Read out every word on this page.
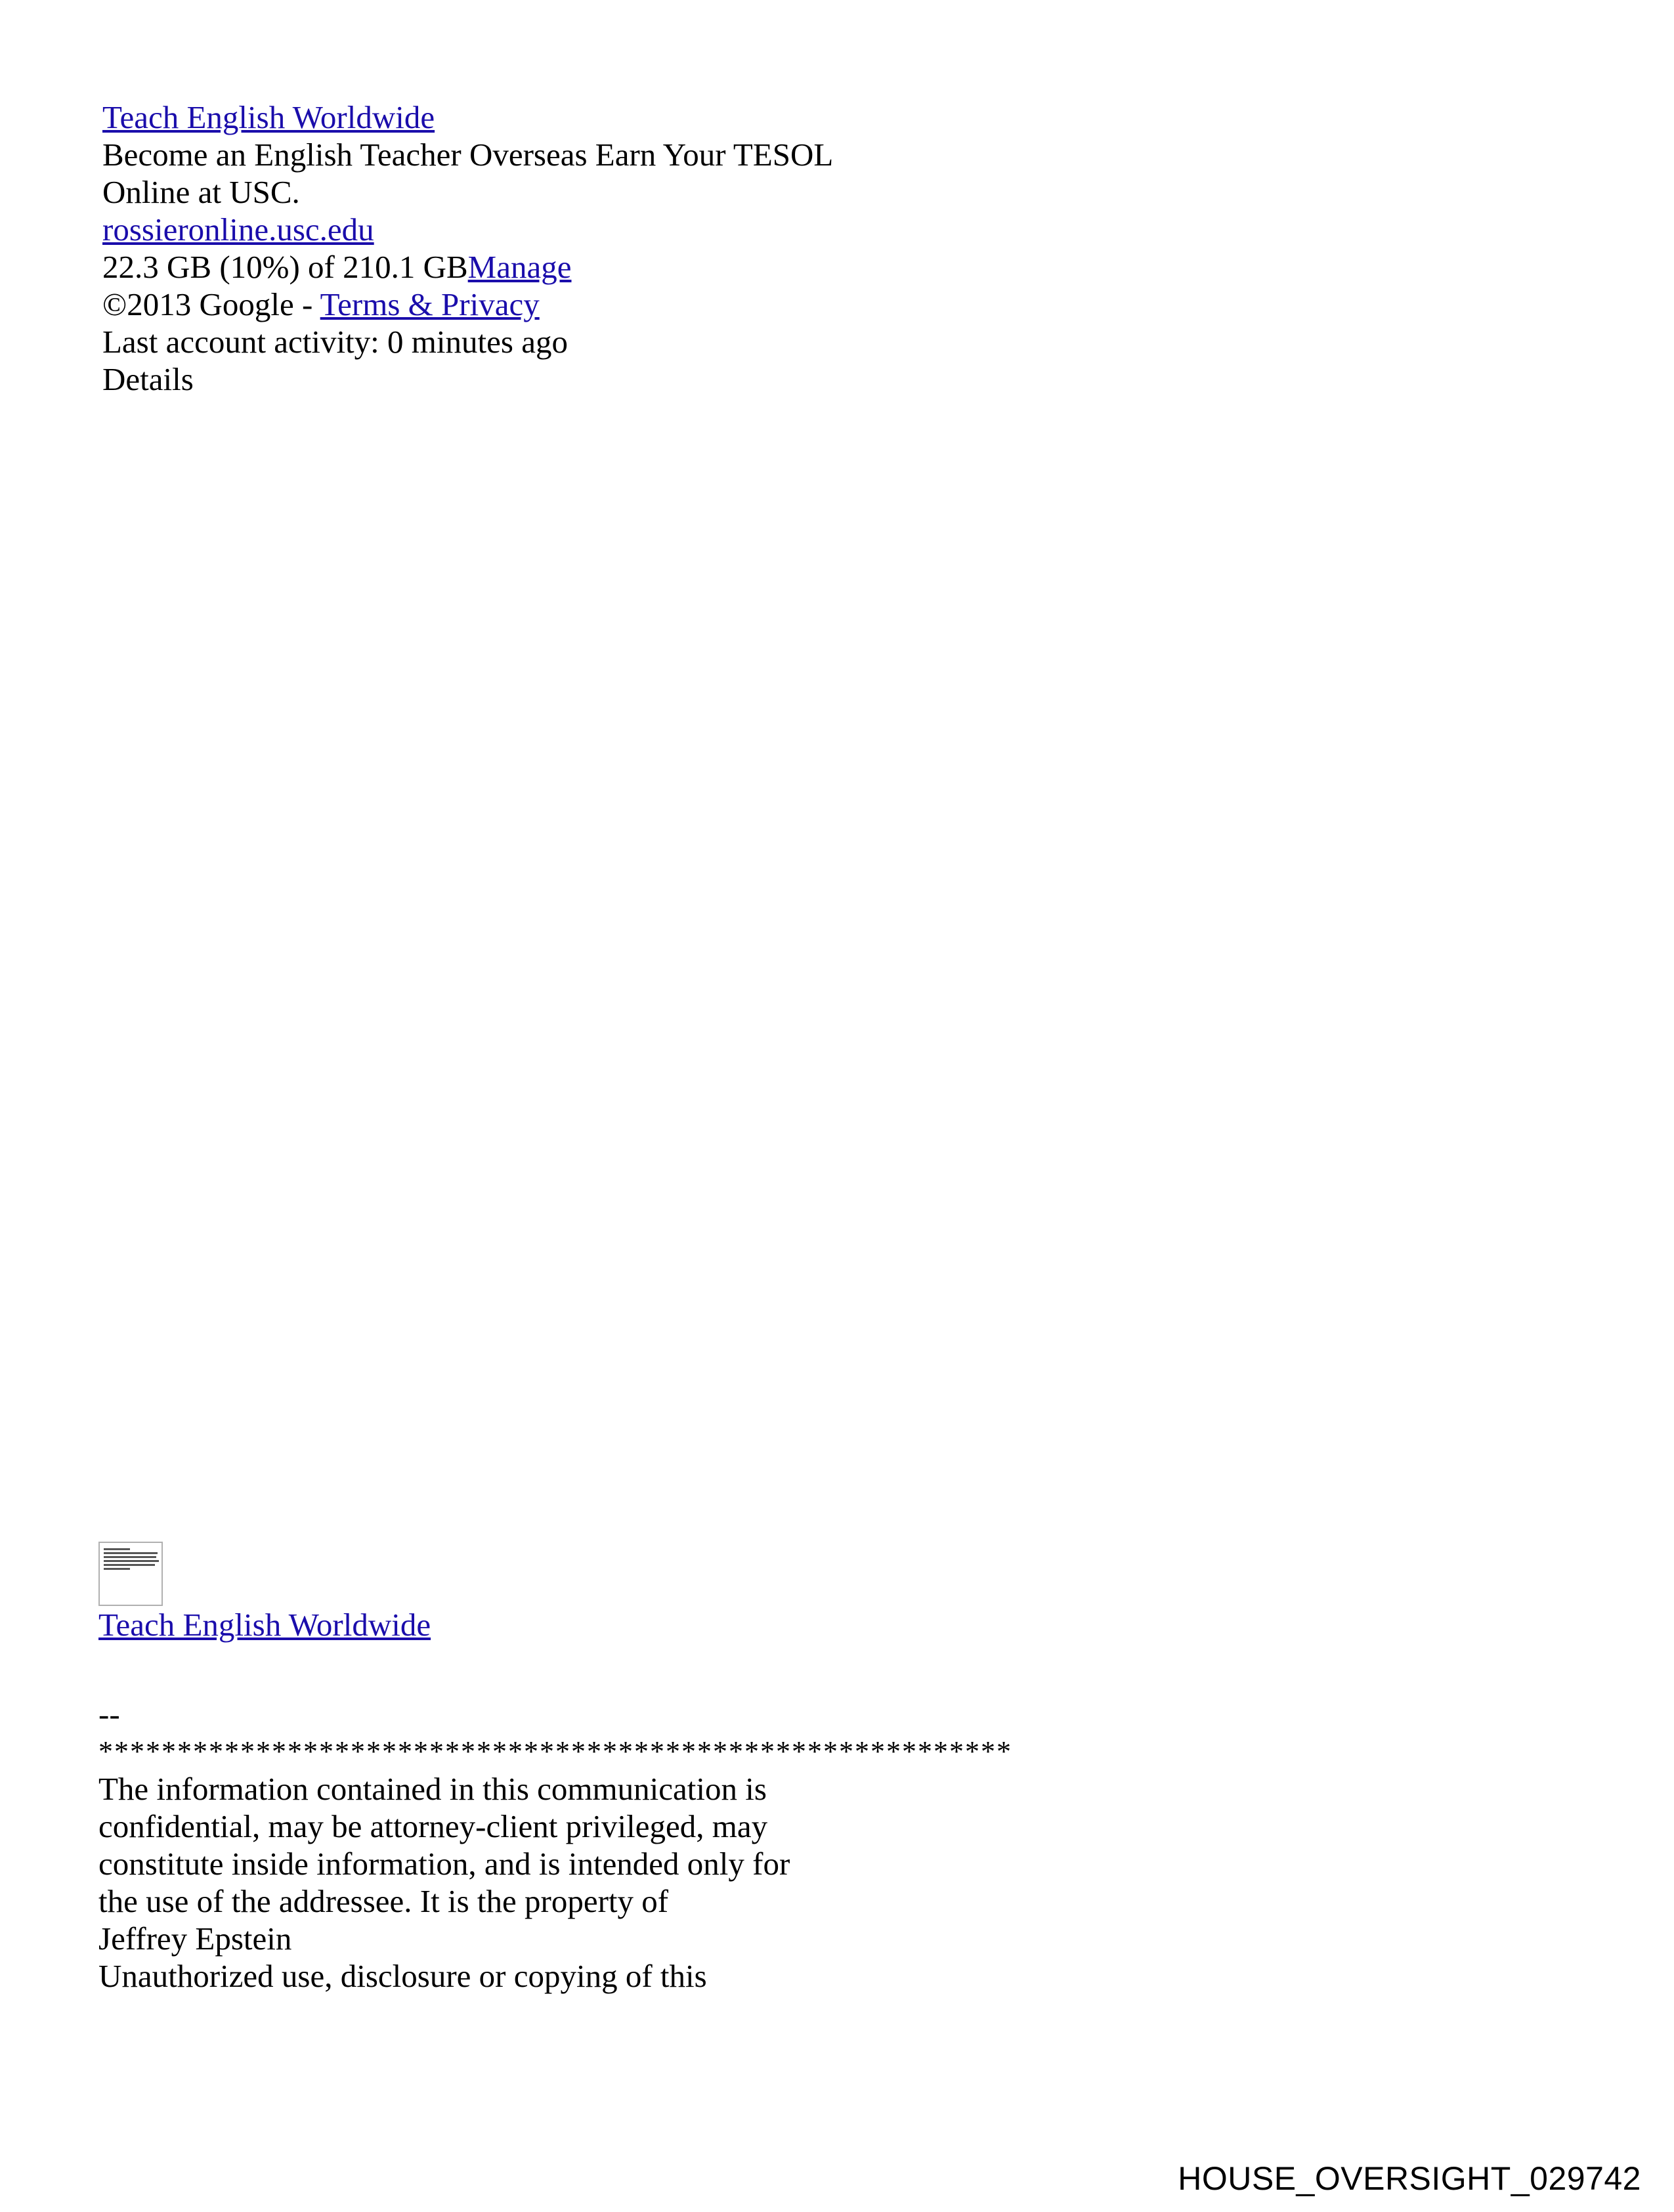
Teach English Worldwide
Become an English Teacher Overseas Earn Your TESOL
Online at USC.
rossieronline.usc.edu
22.3 GB (10%) of 210.1 GBManage
©2013 Google - Terms & Privacy
Last account activity: 0 minutes ago
Details
Teach English Worldwide
--
**********************************************************
The information contained in this communication is
confidential, may be attorney-client privileged, may
constitute inside information, and is intended only for
the use of the addressee. It is the property of
Jeffrey Epstein
Unauthorized use, disclosure or copying of this
HOUSE_OVERSIGHT_029742
